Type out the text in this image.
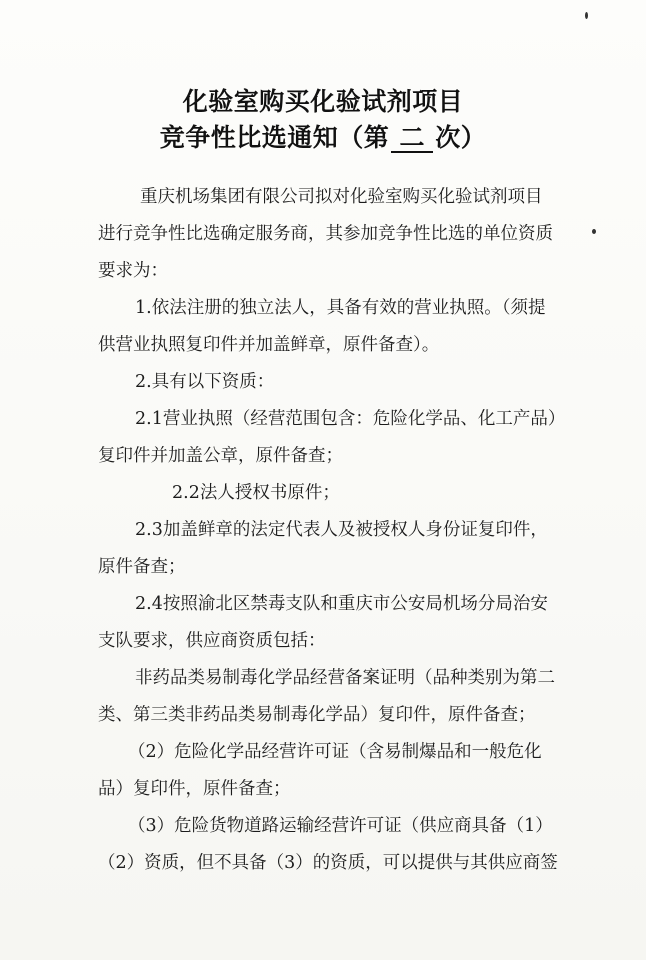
化验室购买化验试剂项目
竞争性比选通知（第 二 次）
重庆机场集团有限公司拟对化验室购买化验试剂项目
进行竞争性比选确定服务商，其参加竞争性比选的单位资质
要求为：
1.依法注册的独立法人，具备有效的营业执照。（须提
供营业执照复印件并加盖鲜章，原件备查）。
2.具有以下资质：
2.1营业执照（经营范围包含：危险化学品、化工产品）
复印件并加盖公章，原件备查；
2.2法人授权书原件；
2.3加盖鲜章的法定代表人及被授权人身份证复印件，
原件备查；
2.4按照渝北区禁毒支队和重庆市公安局机场分局治安
支队要求，供应商资质包括：
非药品类易制毒化学品经营备案证明（品种类别为第二
类、第三类非药品类易制毒化学品）复印件，原件备查；
（2）危险化学品经营许可证（含易制爆品和一般危化
品）复印件，原件备查；
（3）危险货物道路运输经营许可证（供应商具备（1）
（2）资质，但不具备（3）的资质，可以提供与其供应商签
